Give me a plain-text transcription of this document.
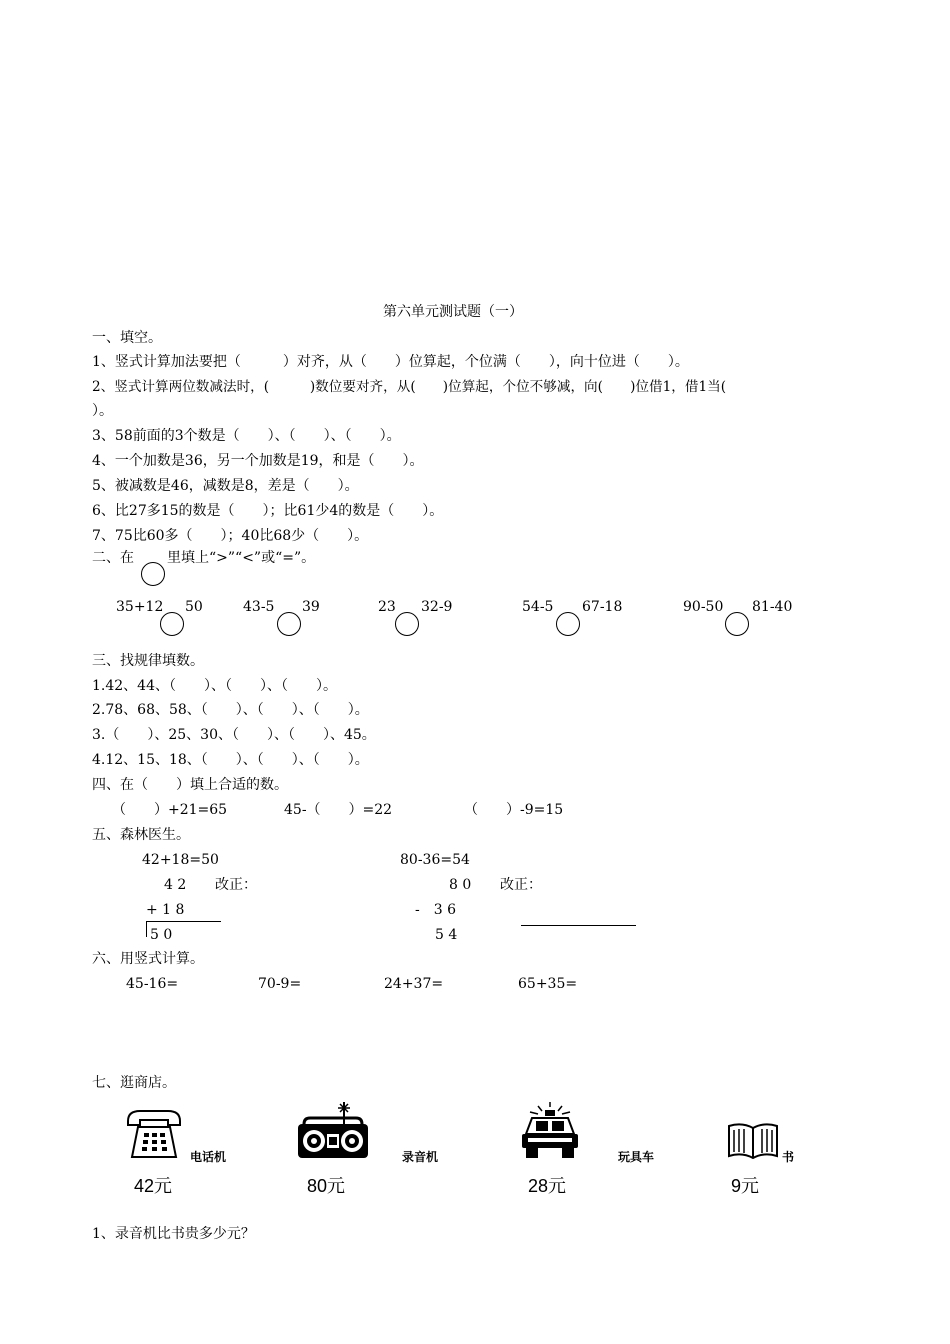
第六单元测试题（一）
一、填空。
1、竖式计算加法要把（　　　）对齐，从（　　）位算起，个位满（　　），向十位进（　　）。
2、竖式计算两位数减法时，(　　　)数位要对齐，从(　　)位算起，个位不够减，向(　　)位借1，借1当(
）。
3、58前面的3个数是（　　）、（　　）、（　　）。
4、一个加数是36，另一个加数是19，和是（　　）。
5、被减数是46，减数是8，差是（　　）。
6、比27多15的数是（　　）；比61少4的数是（　　）。
7、75比60多（　　）；40比68少（　　）。
二、在 里填上“>”“<”或“=”。
35+12 50	43-5 39	23 32-9	54-5 67-18	90-50 81-40
三、找规律填数。
1.42、44、（　　）、（　　）、（　　）。
2.78、68、58、（　　）、（　　）、（　　）。
3.（　　）、25、30、（　　）、（　　）、45。
4.12、15、18、（　　）、（　　）、（　　）。
四、在（　　）填上合适的数。
（　　）+21=65	45-（　　）=22	（　　）-9=15
五、森林医生。
42+18=50
4 2 改正：
+ 1 8
5 0
80-36=54
8 0 改正：
-　3 6
5 4
六、用竖式计算。
45-16=	70-9=	24+37=	65+35=
七、逛商店。
电话机
42元
录音机
80元
玩具车
28元
书
9元
1、录音机比书贵多少元？
